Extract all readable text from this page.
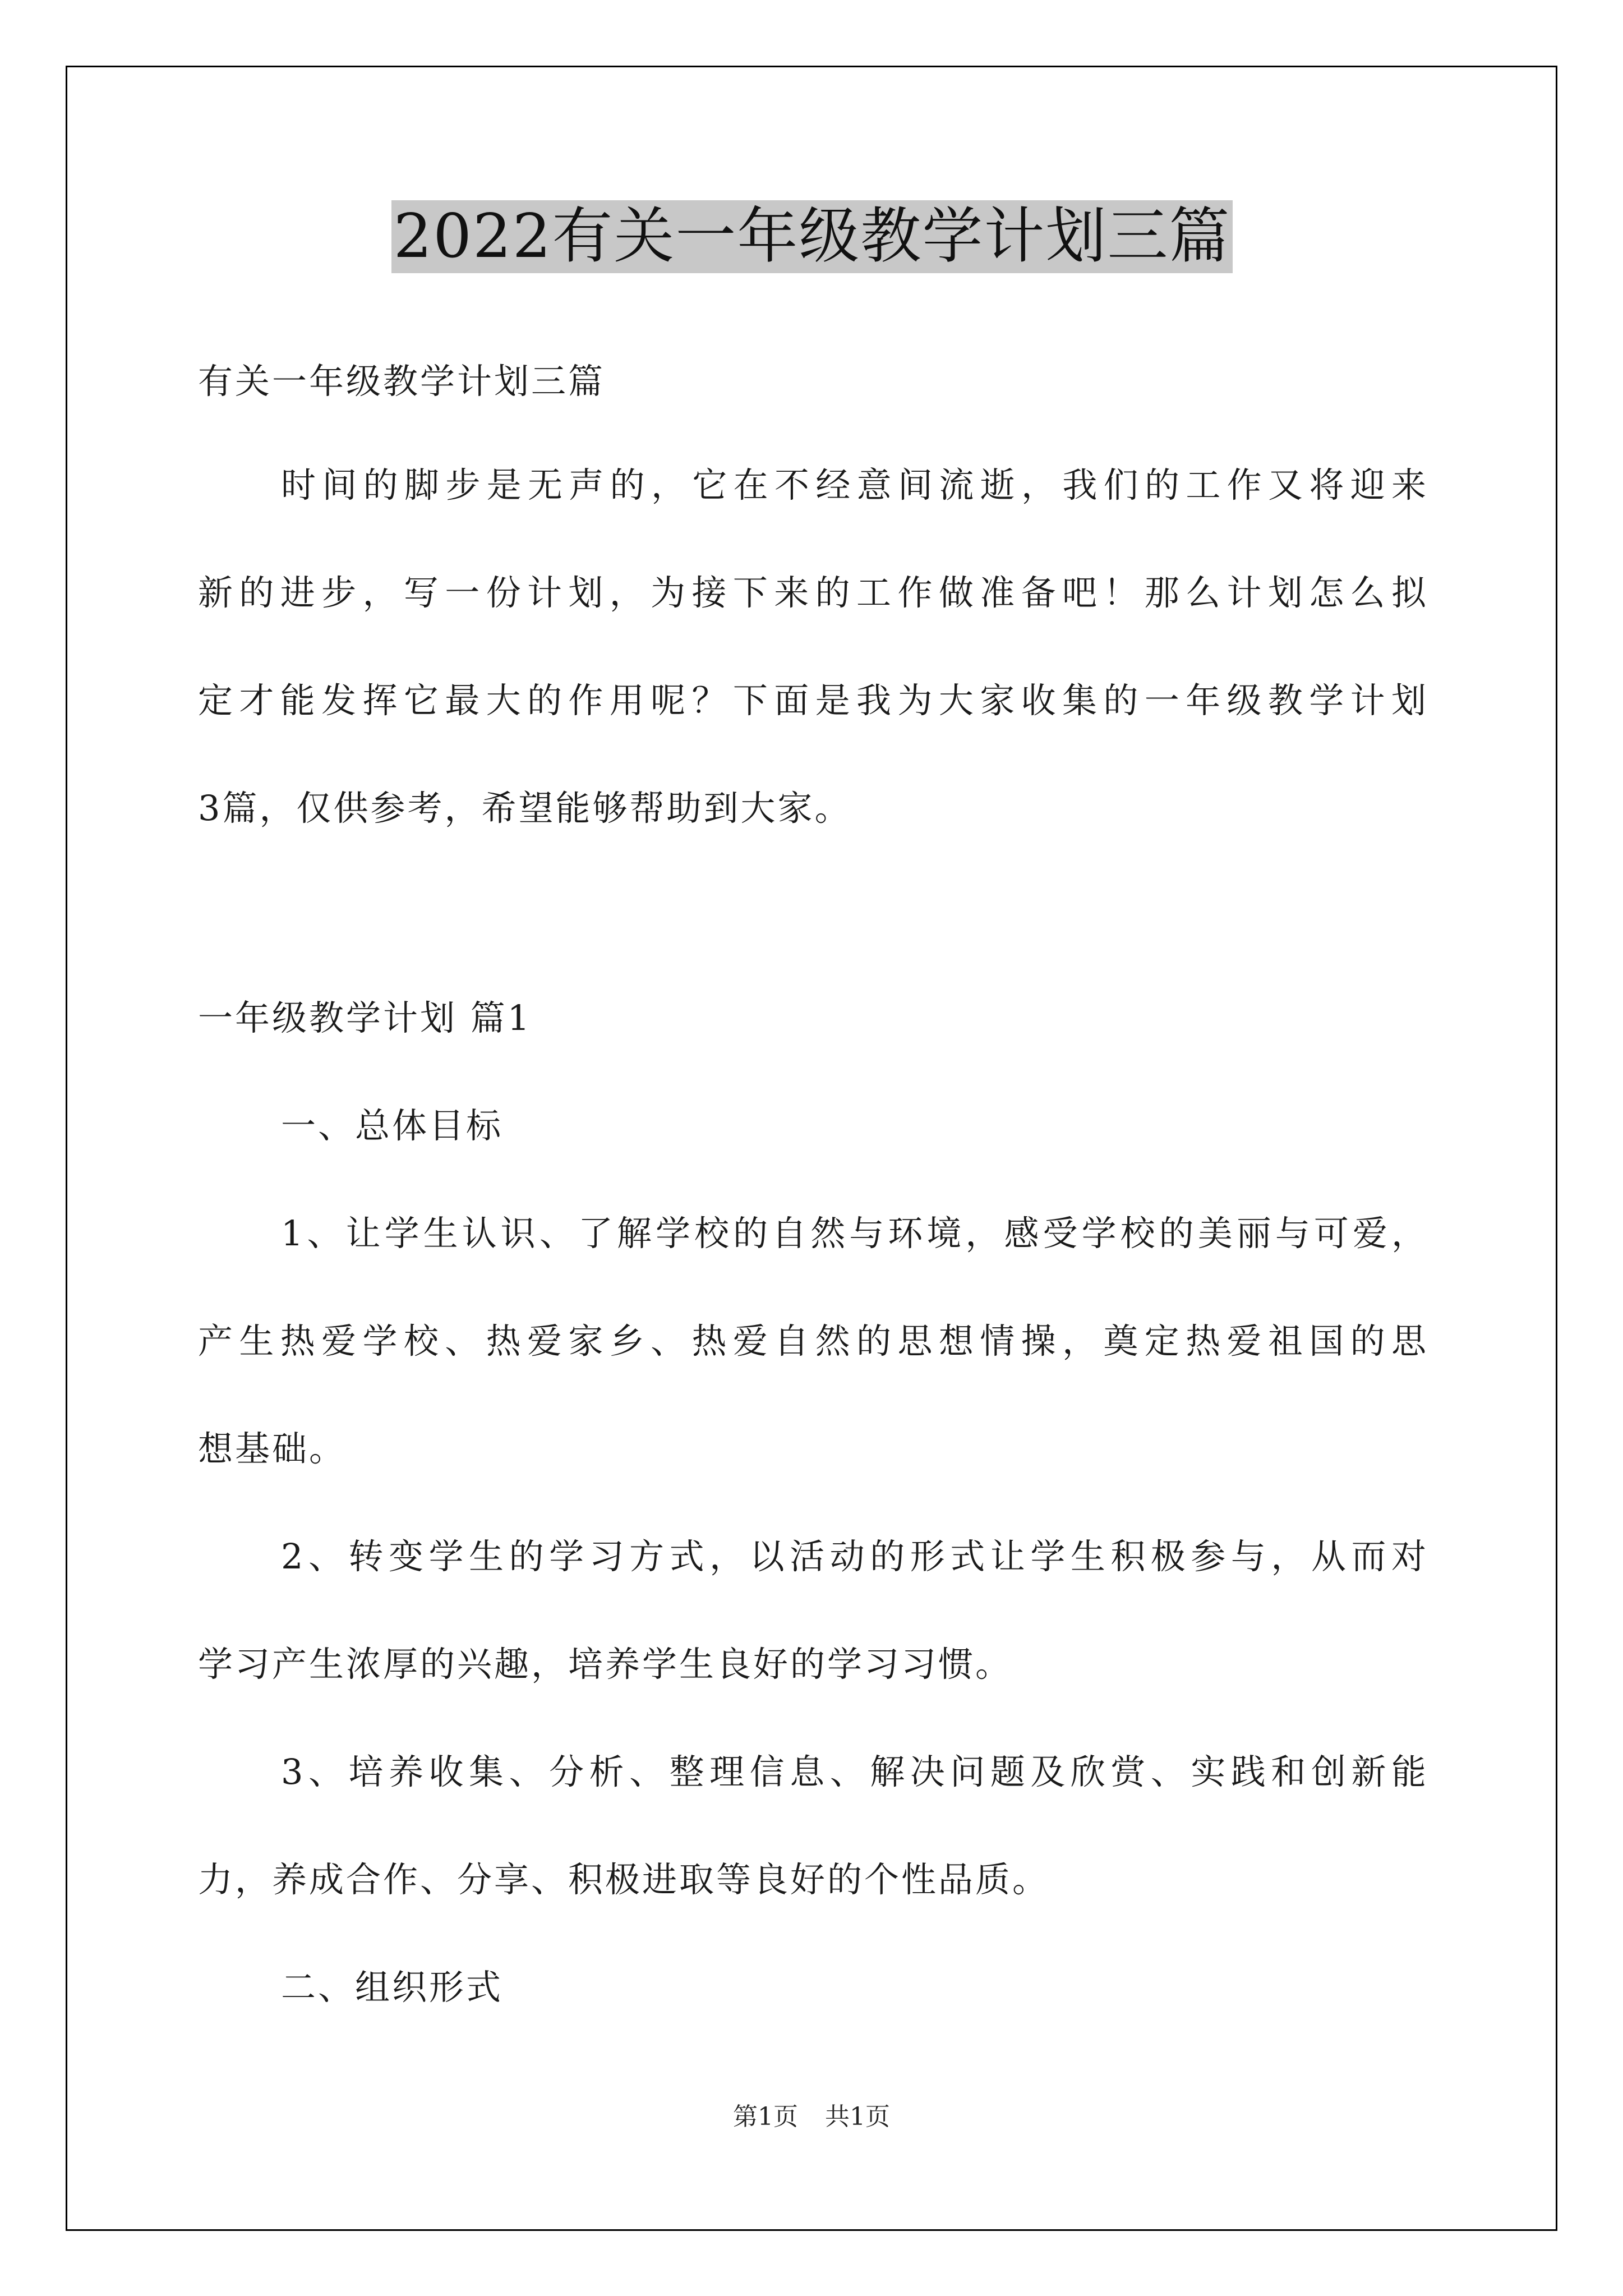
2022有关一年级教学计划三篇
有关一年级教学计划三篇
时间的脚步是无声的，它在不经意间流逝，我们的工作又将迎来
新的进步，写一份计划，为接下来的工作做准备吧！那么计划怎么拟
定才能发挥它最大的作用呢？下面是我为大家收集的一年级教学计划
3篇，仅供参考，希望能够帮助到大家。
一年级教学计划 篇1
一、总体目标
1、让学生认识、了解学校的自然与环境，感受学校的美丽与可爱，
产生热爱学校、热爱家乡、热爱自然的思想情操，奠定热爱祖国的思
想基础。
2、转变学生的学习方式，以活动的形式让学生积极参与，从而对
学习产生浓厚的兴趣，培养学生良好的学习习惯。
3、培养收集、分析、整理信息、解决问题及欣赏、实践和创新能
力，养成合作、分享、积极进取等良好的个性品质。
二、组织形式
第1页 共1页
